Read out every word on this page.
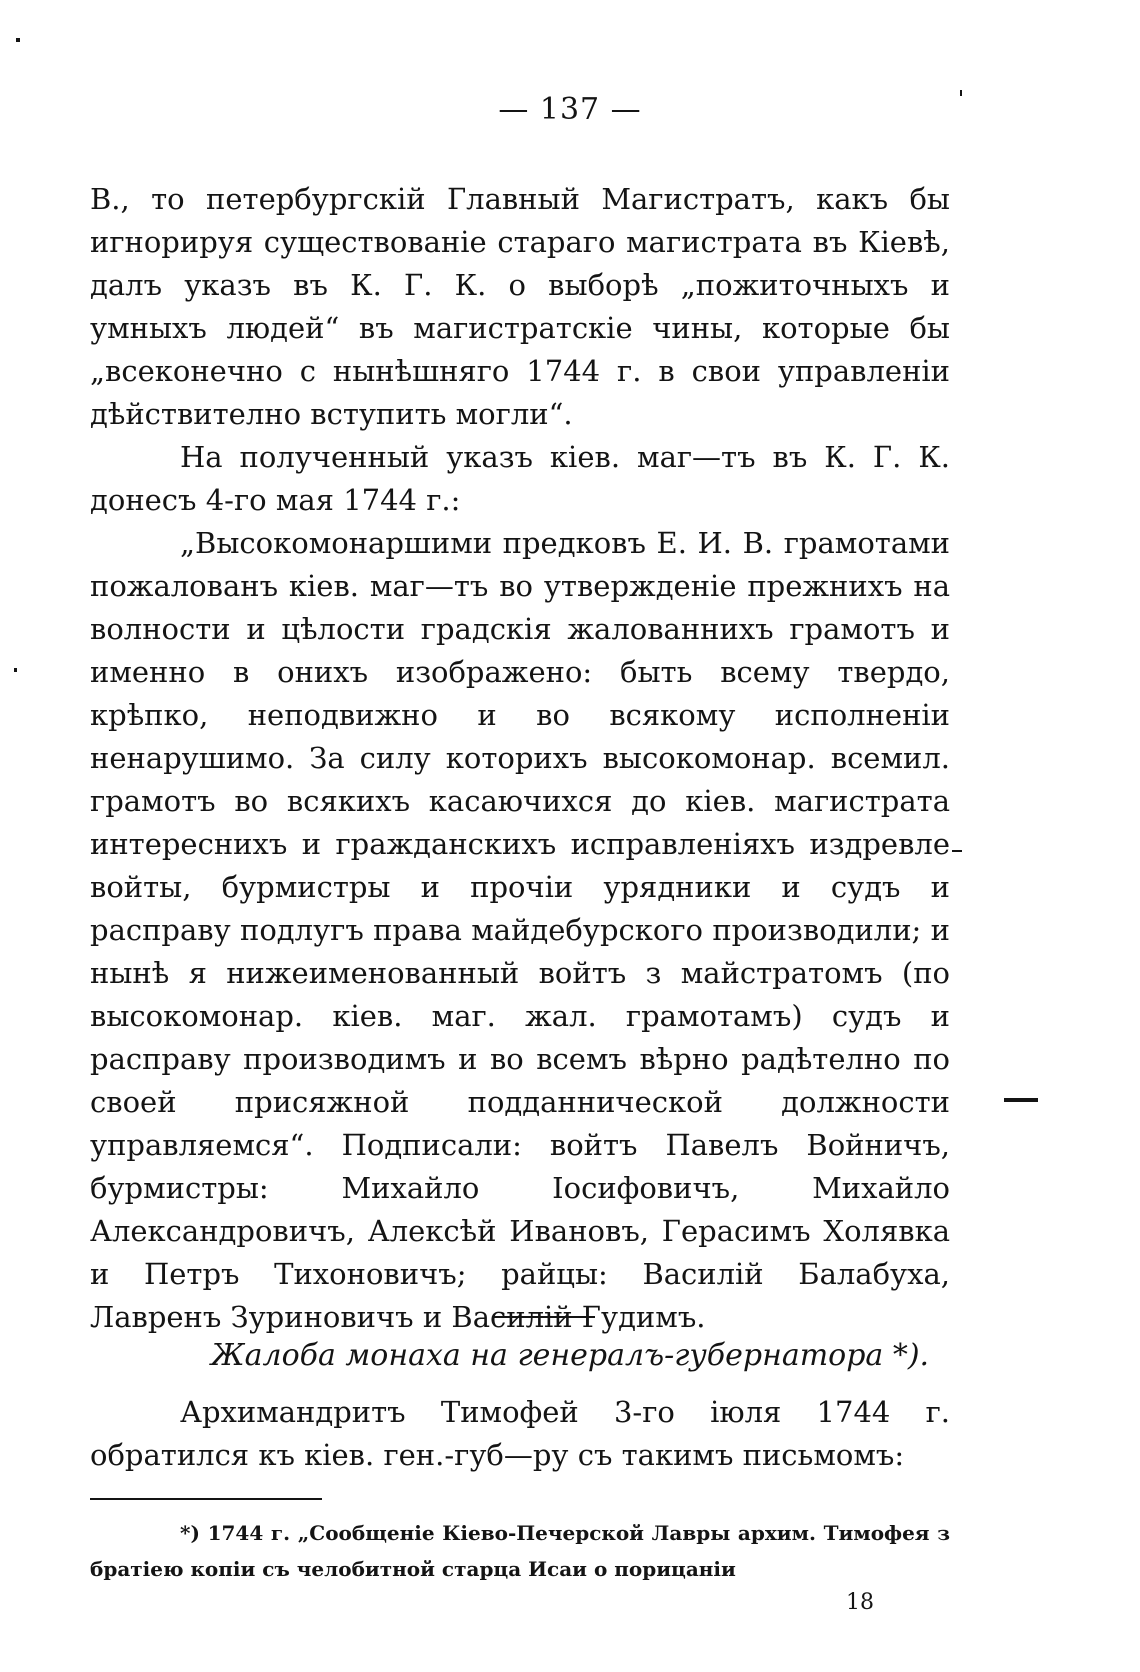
— 137 —

В., то петербургскій Главный Магистратъ, какъ бы игнорируя существованіе стараго магистрата въ Кіевѣ, далъ указъ въ К. Г. К. о выборѣ „пожиточныхъ и умныхъ людей“ въ магистратскіе чины, которые бы „всеконечно с нынѣшняго 1744 г. в свои управленіи дѣйствително вступить могли“.

На полученный указъ кіев. маг—тъ въ К. Г. К. донесъ 4-го мая 1744 г.:

„Высокомонаршими предковъ Е. И. В. грамотами пожалованъ кіев. маг—тъ во утвержденіе прежнихъ на волности и цѣлости градскія жалованнихъ грамотъ и именно в онихъ изображено: быть всему твердо, крѣпко, неподвижно и во всякому исполненіи ненарушимо. За силу которихъ высокомонар. всемил. грамотъ во всякихъ касаючихся до кіев. магистрата интереснихъ и гражданскихъ исправленіяхъ издревле войты, бурмистры и прочіи урядники и судъ и расправу подлугъ права майдебурского производили; и нынѣ я нижеименованный войтъ з майстратомъ (по высокомонар. кіев. маг. жал. грамотамъ) судъ и расправу производимъ и во всемъ вѣрно радѣтелно по своей присяжной подданнической должности управляемся“. Подписали: войтъ Павелъ Войничъ, бурмистры: Михайло Іосифовичъ, Михайло Александровичъ, Алексѣй Ивановъ, Герасимъ Холявка и Петръ Тихоновичъ; райцы: Василій Балабуха, Лавренъ Зуриновичъ и Василій Гудимъ.

Жалоба монаха на генералъ-губернатора *).

Архимандритъ Тимофей 3-го іюля 1744 г. обратился къ кіев. ген.-губ—ру съ такимъ письмомъ:

*) 1744 г. „Сообщеніе Кіево-Печерской Лавры архим. Тимофея з братіею копіи съ челобитной старца Исаи о порицаніи

18
